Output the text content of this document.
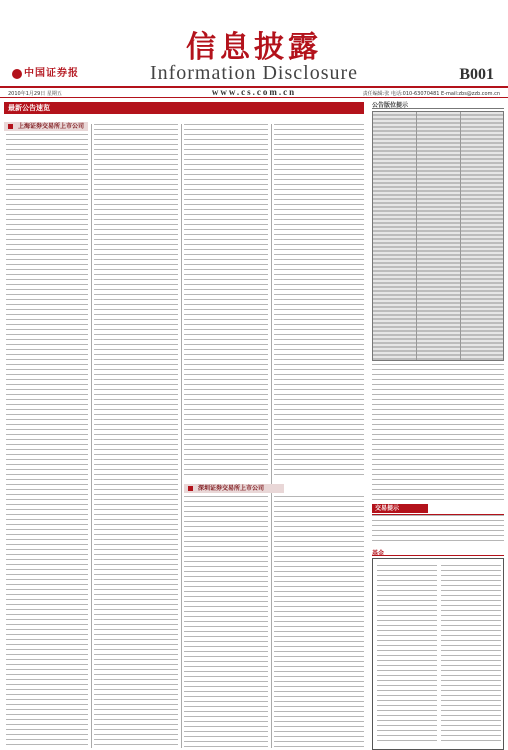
中国证券报
信息披露
Information Disclosure	B001
2010年1月29日 星期五	www.cs.com.cn	责任编辑:张 电话:010-63070481 E-mail:zbs@zzb.com.cn
最新公告速览
上海证券交易所上市公司
深圳证券交易所上市公司
公告版位提示
交易提示
基金
